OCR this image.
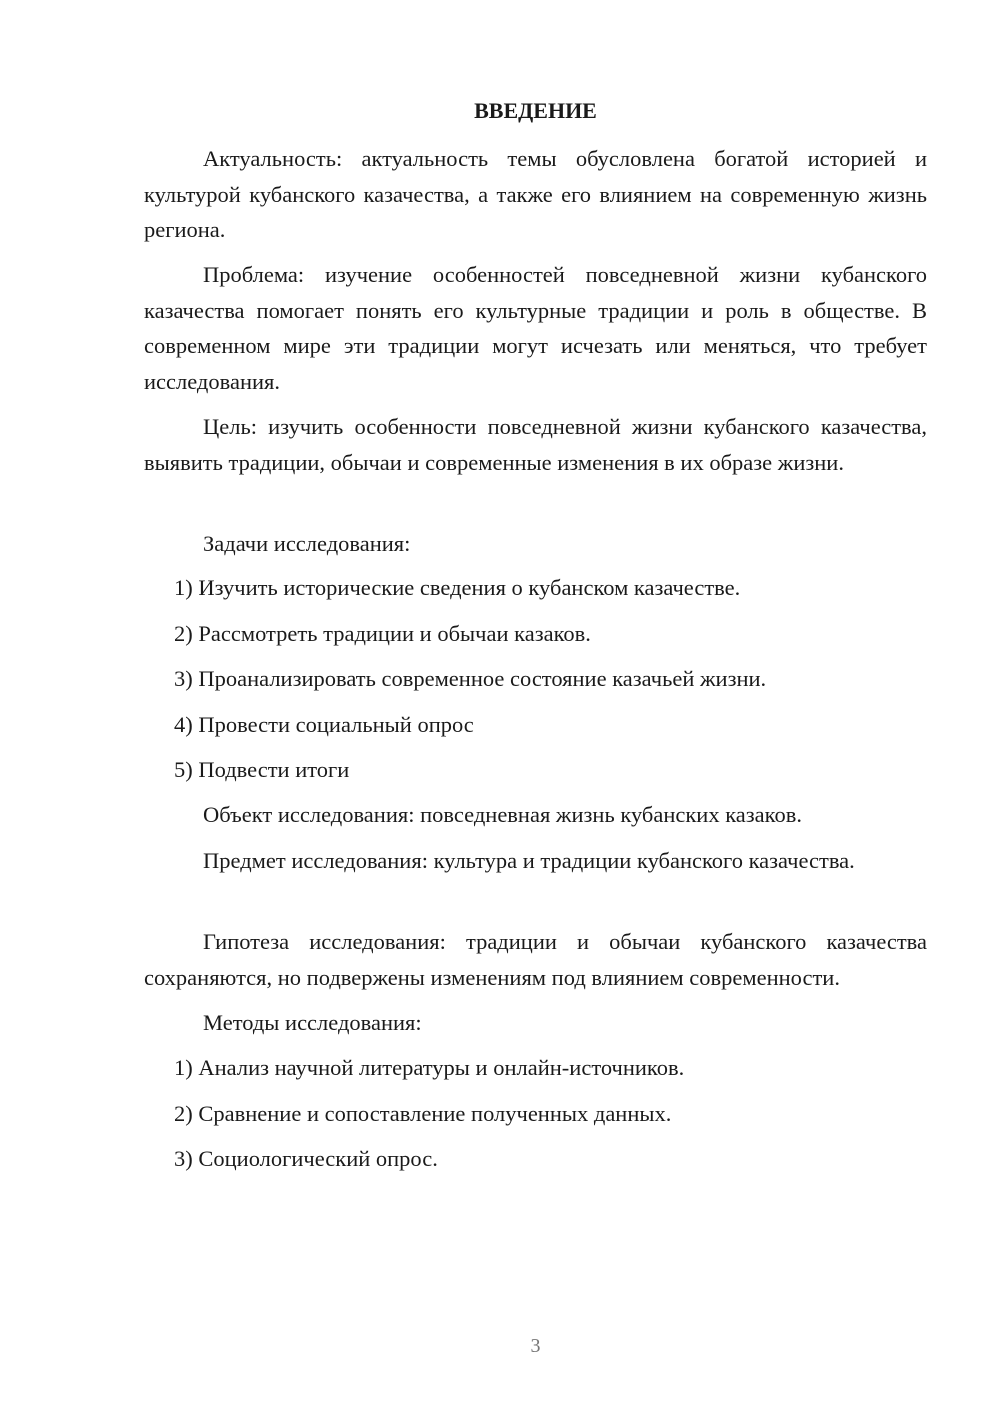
ВВЕДЕНИЕ

Актуальность: актуальность темы обусловлена богатой историей и культурой кубанского казачества, а также его влиянием на современную жизнь региона.

Проблема: изучение особенностей повседневной жизни кубанского казачества помогает понять его культурные традиции и роль в обществе. В современном мире эти традиции могут исчезать или меняться, что требует исследования.

Цель: изучить особенности повседневной жизни кубанского казачества, выявить традиции, обычаи и современные изменения в их образе жизни.

Задачи исследования:

1) Изучить исторические сведения о кубанском казачестве.

2) Рассмотреть традиции и обычаи казаков.

3) Проанализировать современное состояние казачьей жизни.

4) Провести социальный опрос

5) Подвести итоги

Объект исследования: повседневная жизнь кубанских казаков.

Предмет исследования: культура и традиции кубанского казачества.

Гипотеза исследования: традиции и обычаи кубанского казачества сохраняются, но подвержены изменениям под влиянием современности.

Методы исследования:

1) Анализ научной литературы и онлайн-источников.

2) Сравнение и сопоставление полученных данных.

3) Социологический опрос.

3
